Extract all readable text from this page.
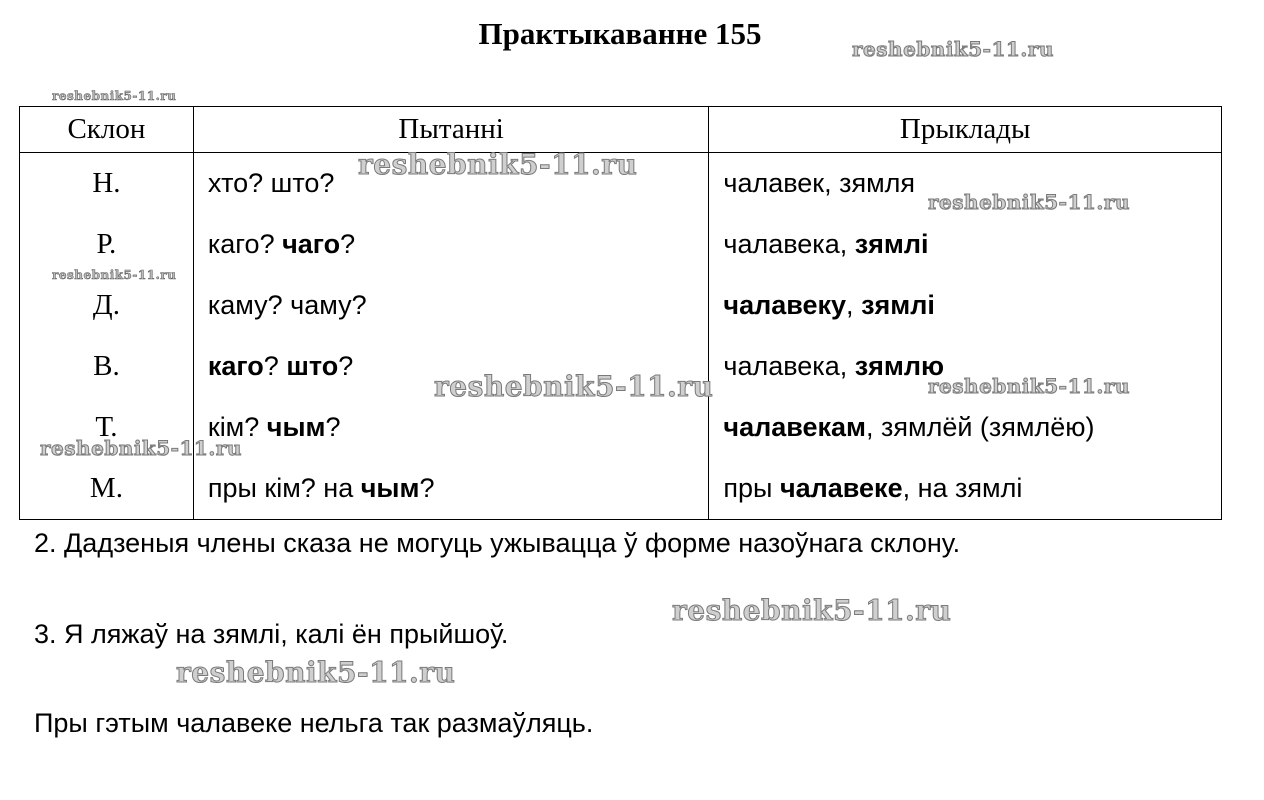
Практыкаванне 155
Склон	Пытанні	Прыклады
Н.	хто? што?	чалавек, зямля
Р.	каго? чаго?	чалавека, зямлі
Д.	каму? чаму?	чалавеку, зямлі
В.	каго? што?	чалавека, зямлю
Т.	кім? чым?	чалавекам, зямлёй (зямлёю)
М.	пры кім? на чым?	пры чалавеке, на зямлі
2. Дадзеныя члены сказа не могуць ужывацца ў форме назоўнага склону.
3. Я ляжаў на зямлі, калі ён прыйшоў.
Пры гэтым чалавеке нельга так размаўляць.
reshebnik5-11.ru
reshebnik5-11.ru
reshebnik5-11.ru
reshebnik5-11.ru
reshebnik5-11.ru
reshebnik5-11.ru	reshebnik5-11.ru
reshebnik5-11.ru
reshebnik5-11.ru
reshebnik5-11.ru
